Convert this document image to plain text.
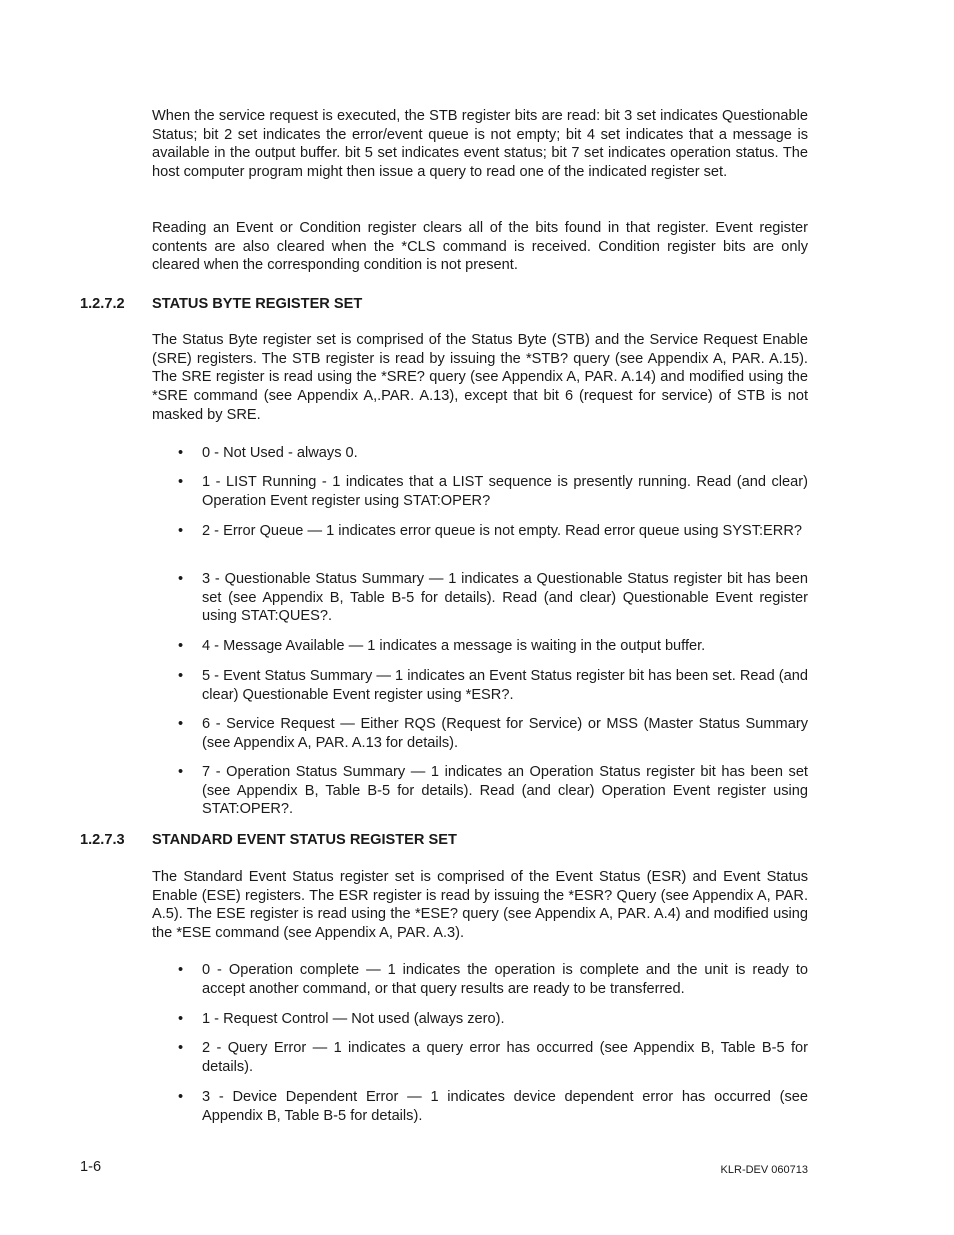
When the service request is executed, the STB register bits are read: bit 3 set indicates Questionable Status; bit 2 set indicates the error/event queue is not empty; bit 4 set indicates that a message is available in the output buffer. bit 5 set indicates event status; bit 7 set indicates operation status. The host computer program might then issue a query to read one of the indicated register set.

Reading an Event or Condition register clears all of the bits found in that register. Event register contents are also cleared when the *CLS command is received. Condition register bits are only cleared when the corresponding condition is not present.

1.2.7.2 STATUS BYTE REGISTER SET

The Status Byte register set is comprised of the Status Byte (STB) and the Service Request Enable (SRE) registers. The STB register is read by issuing the *STB? query (see Appendix A, PAR. A.15). The SRE register is read using the *SRE? query (see Appendix A, PAR. A.14) and modified using the *SRE command (see Appendix A,.PAR. A.13), except that bit 6 (request for service) of STB is not masked by SRE.

•	0 - Not Used - always 0.
•	1 - LIST Running - 1 indicates that a LIST sequence is presently running. Read (and clear) Operation Event register using STAT:OPER?
•	2 - Error Queue — 1 indicates error queue is not empty. Read error queue using SYST:ERR?
•	3 - Questionable Status Summary — 1 indicates a Questionable Status register bit has been set (see Appendix B, Table B-5 for details). Read (and clear) Questionable Event register using STAT:QUES?.
•	4 - Message Available — 1 indicates a message is waiting in the output buffer.
•	5 - Event Status Summary — 1 indicates an Event Status register bit has been set. Read (and clear) Questionable Event register using *ESR?.
•	6 - Service Request — Either RQS (Request for Service) or MSS (Master Status Summary (see Appendix A, PAR. A.13 for details).
•	7 - Operation Status Summary — 1 indicates an Operation Status register bit has been set (see Appendix B, Table B-5 for details). Read (and clear) Operation Event register using STAT:OPER?.
1.2.7.3 STANDARD EVENT STATUS REGISTER SET

The Standard Event Status register set is comprised of the Event Status (ESR) and Event Status Enable (ESE) registers. The ESR register is read by issuing the *ESR? Query (see Appendix A, PAR. A.5). The ESE register is read using the *ESE? query (see Appendix A, PAR. A.4) and modified using the *ESE command (see Appendix A, PAR. A.3).

•	0 - Operation complete — 1 indicates the operation is complete and the unit is ready to accept another command, or that query results are ready to be transferred.
•	1 - Request Control — Not used (always zero).
•	2 - Query Error — 1 indicates a query error has occurred (see Appendix B, Table B-5 for details).
•	3 - Device Dependent Error — 1 indicates device dependent error has occurred (see Appendix B, Table B-5 for details).

1-6	KLR-DEV 060713
